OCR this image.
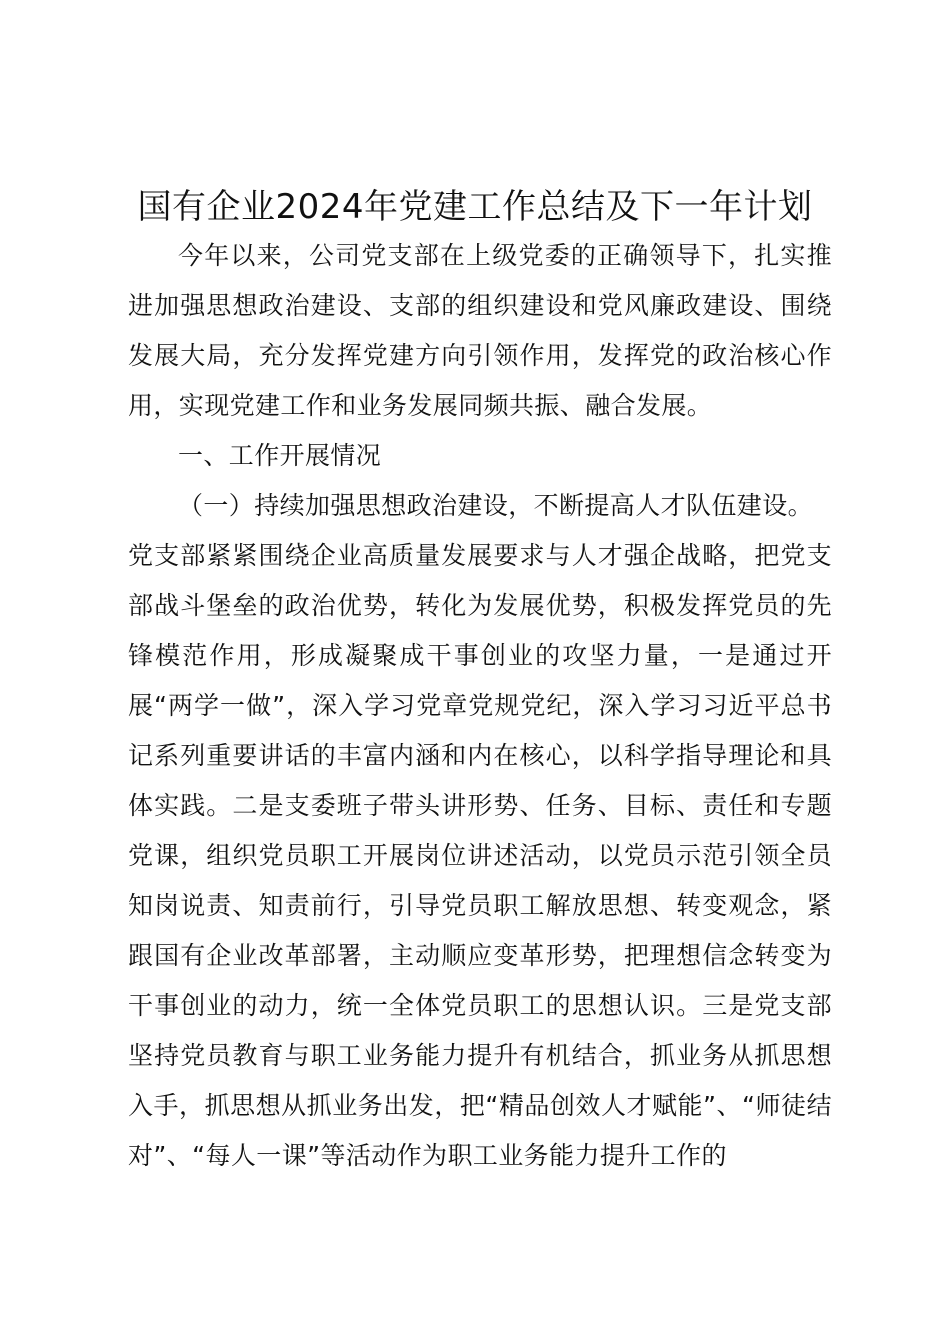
国有企业2024年党建工作总结及下一年计划

今年以来，公司党支部在上级党委的正确领导下，扎实推进加强思想政治建设、支部的组织建设和党风廉政建设、围绕发展大局，充分发挥党建方向引领作用，发挥党的政治核心作用，实现党建工作和业务发展同频共振、融合发展。

一、工作开展情况

（一）持续加强思想政治建设，不断提高人才队伍建设。

党支部紧紧围绕企业高质量发展要求与人才强企战略，把党支部战斗堡垒的政治优势，转化为发展优势，积极发挥党员的先锋模范作用，形成凝聚成干事创业的攻坚力量，一是通过开展“两学一做”，深入学习党章党规党纪，深入学习习近平总书记系列重要讲话的丰富内涵和内在核心，以科学指导理论和具体实践。二是支委班子带头讲形势、任务、目标、责任和专题党课，组织党员职工开展岗位讲述活动，以党员示范引领全员知岗说责、知责前行，引导党员职工解放思想、转变观念，紧跟国有企业改革部署，主动顺应变革形势，把理想信念转变为干事创业的动力，统一全体党员职工的思想认识。三是党支部坚持党员教育与职工业务能力提升有机结合，抓业务从抓思想入手，抓思想从抓业务出发，把“精品创效人才赋能”、“师徒结对”、“每人一课”等活动作为职工业务能力提升工作的
